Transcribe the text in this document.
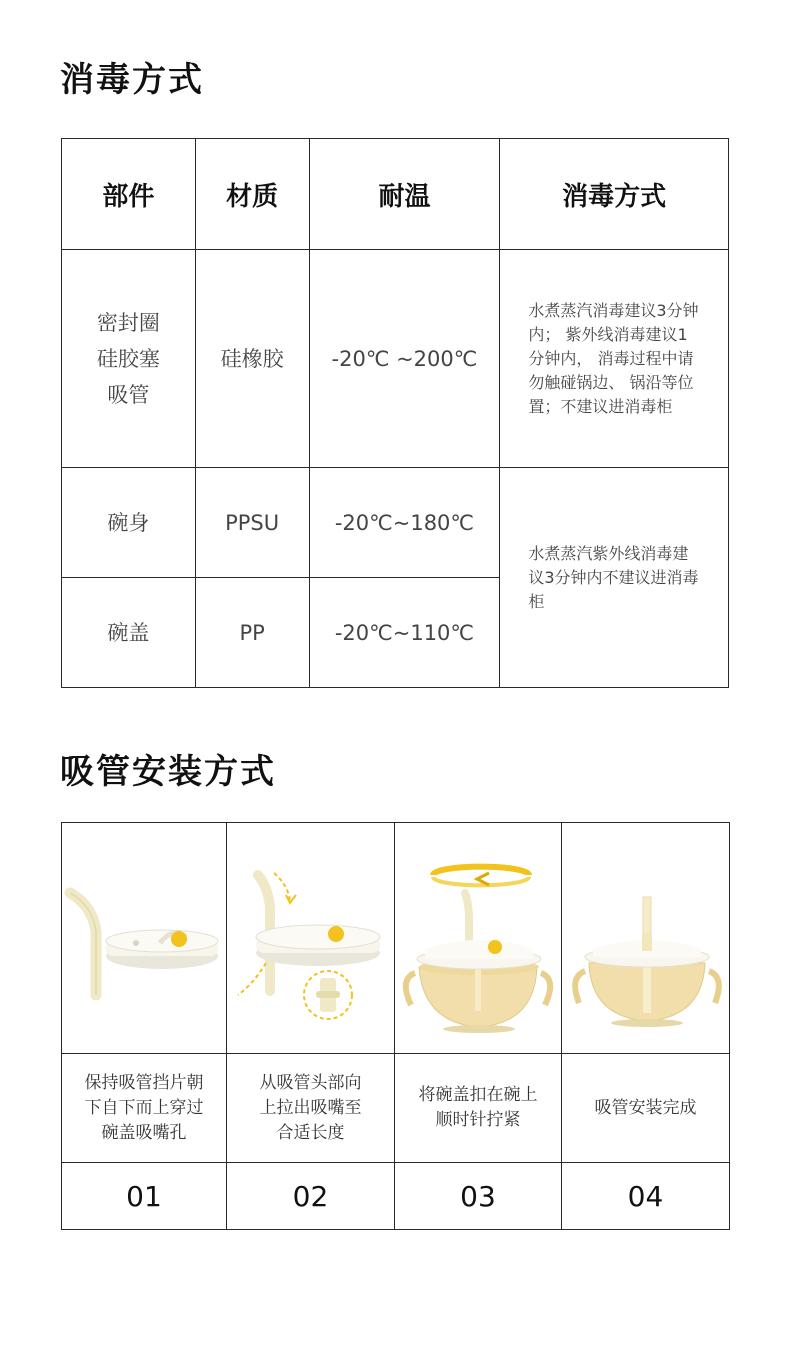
消毒方式
部件	材质	耐温	消毒方式

密封圈
硅胶塞
吸管	硅橡胶	-20℃ ~200℃	水煮蒸汽消毒建议3分钟内； 紫外线消毒建议1分钟内， 消毒过程中请勿触碰锅边、 锅沿等位置；不建议进消毒柜
碗身	PPSU	-20℃~180℃	水煮蒸汽紫外线消毒建议3分钟内不建议进消毒柜
碗盖	PP	-20℃~110℃	
吸管安装方式

保持吸管挡片朝下自下而上穿过碗盖吸嘴孔	从吸管头部向上拉出吸嘴至合适长度	将碗盖扣在碗上顺时针拧紧	吸管安装完成

01	02	03	04
